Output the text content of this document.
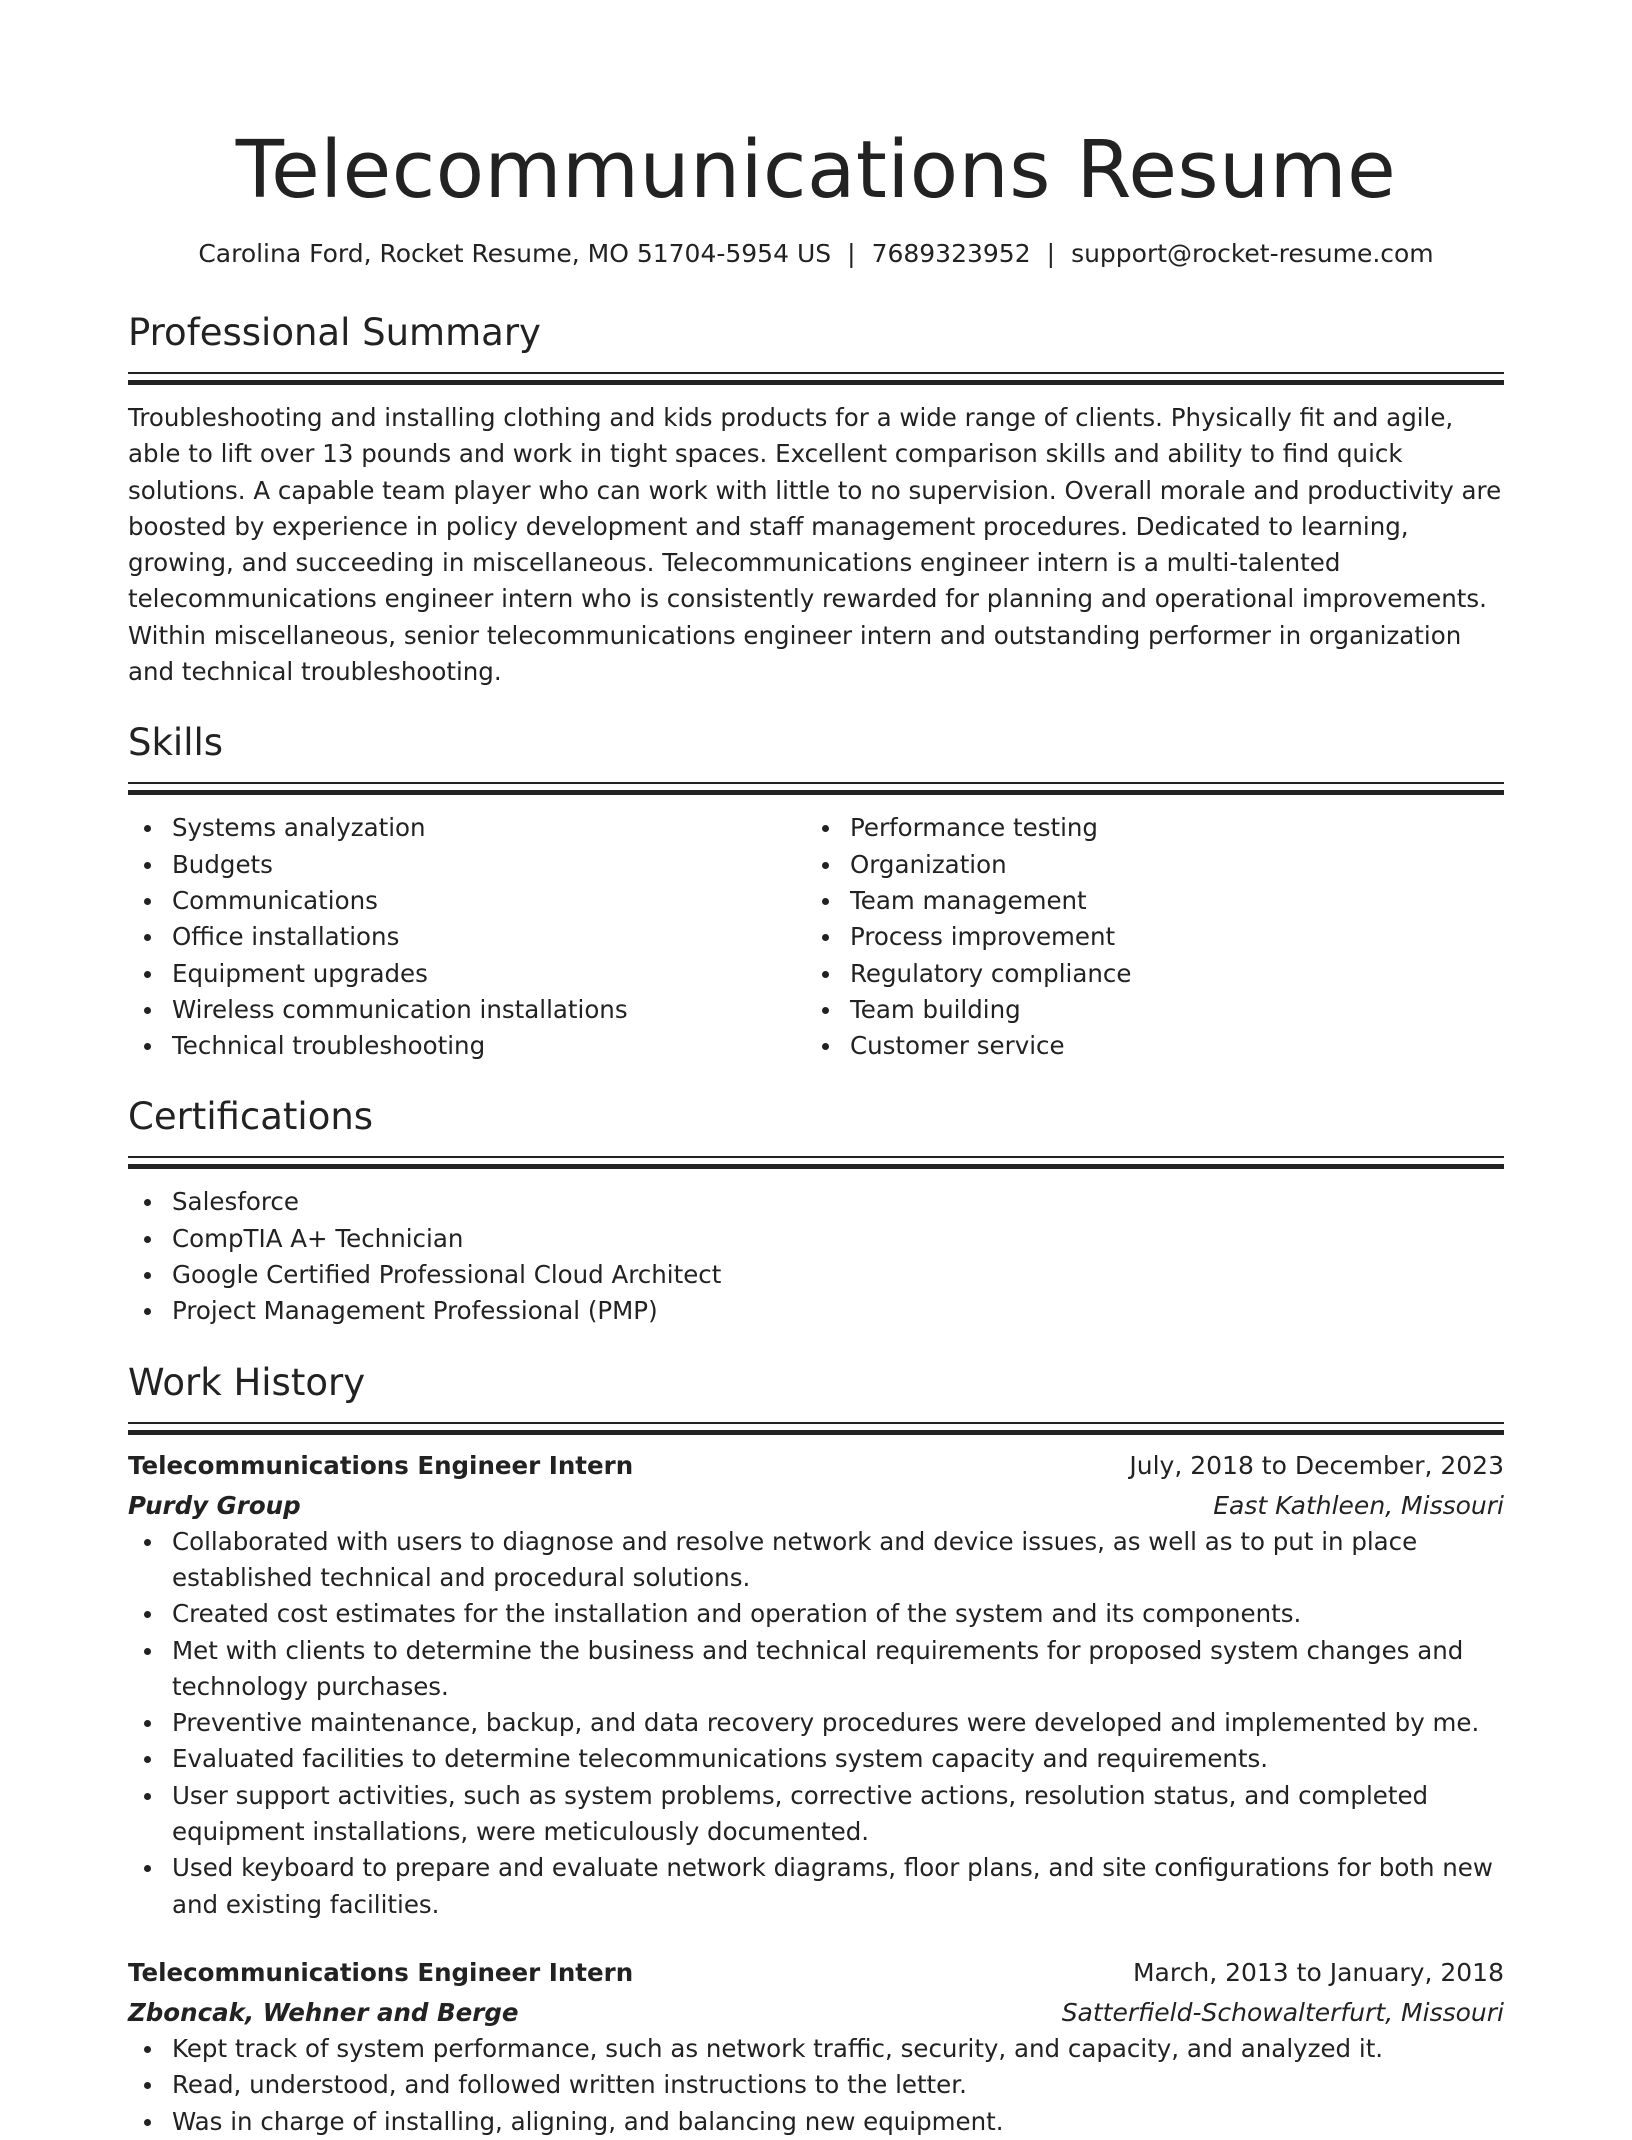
Telecommunications Resume
Carolina Ford, Rocket Resume, MO 51704-5954 US | 7689323952 | support@rocket-resume.com
Professional Summary

Troubleshooting and installing clothing and kids products for a wide range of clients. Physically fit and agile, able to lift over 13 pounds and work in tight spaces. Excellent comparison skills and ability to find quick solutions. A capable team player who can work with little to no supervision. Overall morale and productivity are boosted by experience in policy development and staff management procedures. Dedicated to learning, growing, and succeeding in miscellaneous. Telecommunications engineer intern is a multi-talented telecommunications engineer intern who is consistently rewarded for planning and operational improvements. Within miscellaneous, senior telecommunications engineer intern and outstanding performer in organization and technical troubleshooting.

Skills
Systems analyzation
Budgets
Communications
Office installations
Equipment upgrades
Wireless communication installations
Technical troubleshooting
Performance testing
Organization
Team management
Process improvement
Regulatory compliance
Team building
Customer service
Certifications
Salesforce
CompTIA A+ Technician
Google Certified Professional Cloud Architect
Project Management Professional (PMP)
Work History
Telecommunications Engineer Intern	July, 2018 to December, 2023
Purdy Group	East Kathleen, Missouri
Collaborated with users to diagnose and resolve network and device issues, as well as to put in place established technical and procedural solutions.
Created cost estimates for the installation and operation of the system and its components.
Met with clients to determine the business and technical requirements for proposed system changes and technology purchases.
Preventive maintenance, backup, and data recovery procedures were developed and implemented by me.
Evaluated facilities to determine telecommunications system capacity and requirements.
User support activities, such as system problems, corrective actions, resolution status, and completed equipment installations, were meticulously documented.
Used keyboard to prepare and evaluate network diagrams, floor plans, and site configurations for both new and existing facilities.
Telecommunications Engineer Intern	March, 2013 to January, 2018
Zboncak, Wehner and Berge	Satterfield-Schowalterfurt, Missouri
Kept track of system performance, such as network traffic, security, and capacity, and analyzed it.
Read, understood, and followed written instructions to the letter.
Was in charge of installing, aligning, and balancing new equipment.
